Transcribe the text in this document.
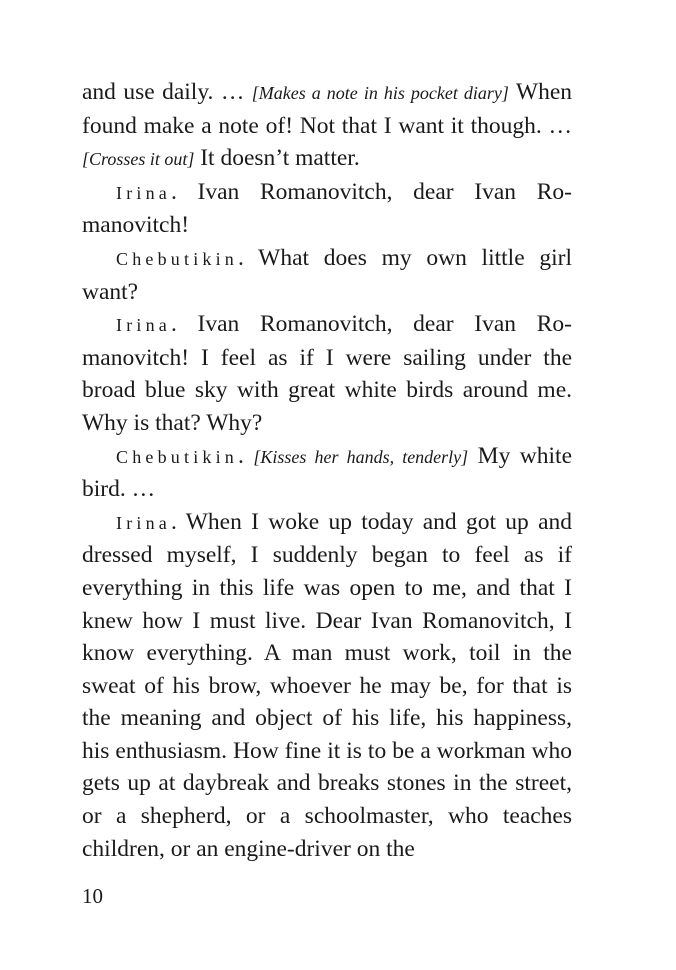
and use daily. … [Makes a note in his pocket diary] When found make a note of! Not that I want it though. … [Crosses it out] It doesn’t matter.

Irina. Ivan Romanovitch, dear Ivan Romanovitch!

Chebutikin. What does my own little girl want?

Irina. Ivan Romanovitch, dear Ivan Romanovitch! I feel as if I were sailing under the broad blue sky with great white birds around me. Why is that? Why?

Chebutikin. [Kisses her hands, tenderly] My white bird. …

Irina. When I woke up today and got up and dressed myself, I suddenly began to feel as if everything in this life was open to me, and that I knew how I must live. Dear Ivan Romanovitch, I know everything. A man must work, toil in the sweat of his brow, whoever he may be, for that is the meaning and object of his life, his happiness, his enthusiasm. How fine it is to be a workman who gets up at daybreak and breaks stones in the street, or a shepherd, or a schoolmaster, who teaches children, or an engine-driver on the

10
